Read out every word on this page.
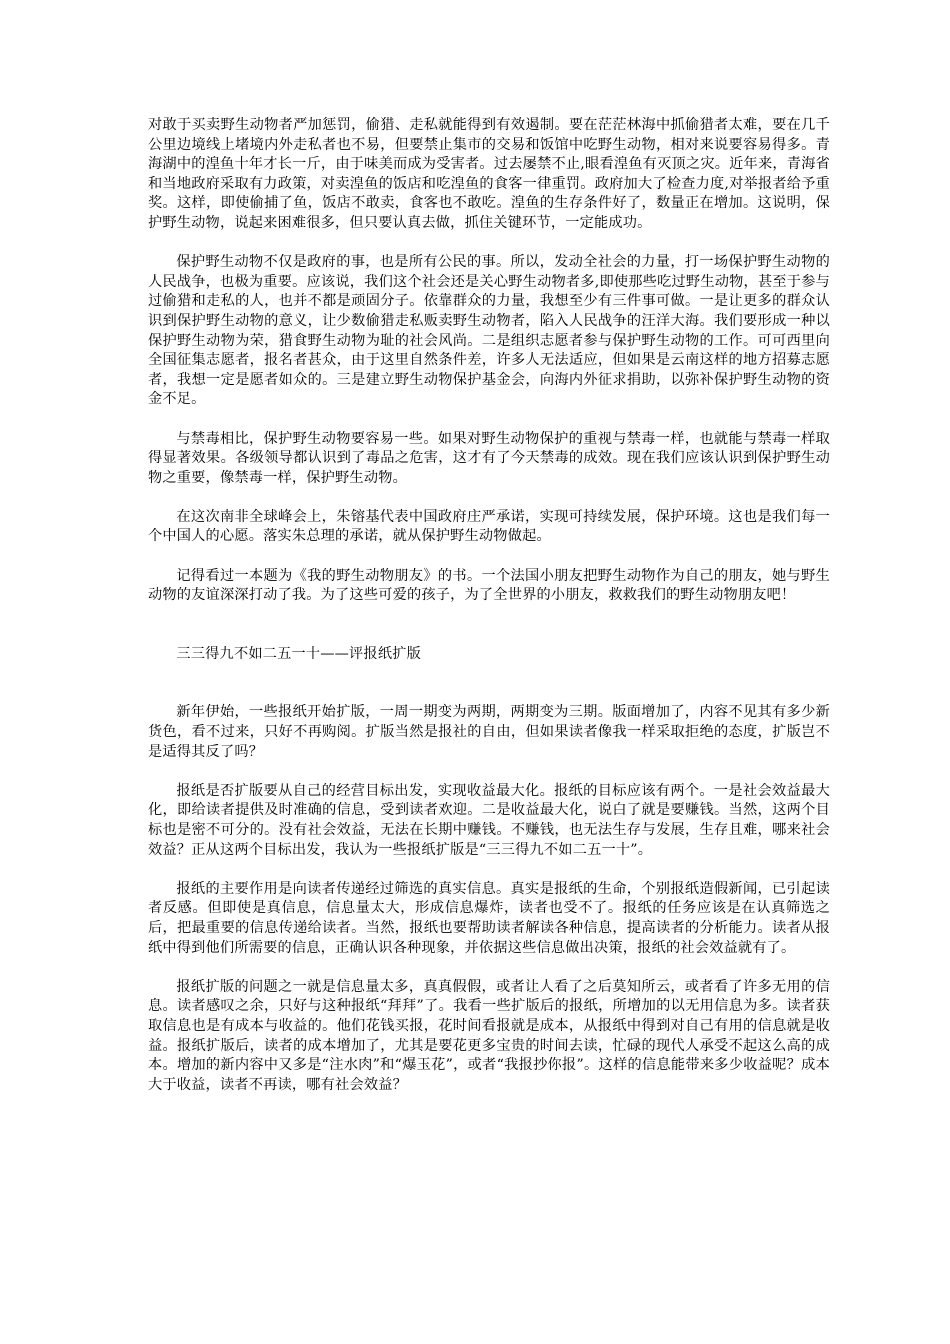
对敢于买卖野生动物者严加惩罚，偷猎、走私就能得到有效遏制。要在茫茫林海中抓偷猎者太难，要在几千公里边境线上堵境内外走私者也不易，但要禁止集市的交易和饭馆中吃野生动物，相对来说要容易得多。青海湖中的湟鱼十年才长一斤，由于味美而成为受害者。过去屡禁不止,眼看湟鱼有灭顶之灾。近年来，青海省和当地政府采取有力政策，对卖湟鱼的饭店和吃湟鱼的食客一律重罚。政府加大了检查力度,对举报者给予重奖。这样，即使偷捕了鱼，饭店不敢卖，食客也不敢吃。湟鱼的生存条件好了，数量正在增加。这说明，保护野生动物，说起来困难很多，但只要认真去做，抓住关键环节，一定能成功。

保护野生动物不仅是政府的事，也是所有公民的事。所以，发动全社会的力量，打一场保护野生动物的人民战争，也极为重要。应该说，我们这个社会还是关心野生动物者多,即使那些吃过野生动物，甚至于参与过偷猎和走私的人，也并不都是顽固分子。依靠群众的力量，我想至少有三件事可做。一是让更多的群众认识到保护野生动物的意义，让少数偷猎走私贩卖野生动物者，陷入人民战争的汪洋大海。我们要形成一种以保护野生动物为荣，猎食野生动物为耻的社会风尚。二是组织志愿者参与保护野生动物的工作。可可西里向全国征集志愿者，报名者甚众，由于这里自然条件差，许多人无法适应，但如果是云南这样的地方招募志愿者，我想一定是愿者如众的。三是建立野生动物保护基金会，向海内外征求捐助，以弥补保护野生动物的资金不足。

与禁毒相比，保护野生动物要容易一些。如果对野生动物保护的重视与禁毒一样，也就能与禁毒一样取得显著效果。各级领导都认识到了毒品之危害，这才有了今天禁毒的成效。现在我们应该认识到保护野生动物之重要，像禁毒一样，保护野生动物。

在这次南非全球峰会上，朱镕基代表中国政府庄严承诺，实现可持续发展，保护环境。这也是我们每一个中国人的心愿。落实朱总理的承诺，就从保护野生动物做起。

记得看过一本题为《我的野生动物朋友》的书。一个法国小朋友把野生动物作为自己的朋友，她与野生动物的友谊深深打动了我。为了这些可爱的孩子，为了全世界的小朋友，救救我们的野生动物朋友吧！

三三得九不如二五一十——评报纸扩版

新年伊始，一些报纸开始扩版，一周一期变为两期，两期变为三期。版面增加了，内容不见其有多少新货色，看不过来，只好不再购阅。扩版当然是报社的自由，但如果读者像我一样采取拒绝的态度，扩版岂不是适得其反了吗？

报纸是否扩版要从自己的经营目标出发，实现收益最大化。报纸的目标应该有两个。一是社会效益最大化，即给读者提供及时准确的信息，受到读者欢迎。二是收益最大化，说白了就是要赚钱。当然，这两个目标也是密不可分的。没有社会效益，无法在长期中赚钱。不赚钱，也无法生存与发展，生存且难，哪来社会效益？正从这两个目标出发，我认为一些报纸扩版是“三三得九不如二五一十”。

报纸的主要作用是向读者传递经过筛选的真实信息。真实是报纸的生命，个别报纸造假新闻，已引起读者反感。但即使是真信息，信息量太大，形成信息爆炸，读者也受不了。报纸的任务应该是在认真筛选之后，把最重要的信息传递给读者。当然，报纸也要帮助读者解读各种信息，提高读者的分析能力。读者从报纸中得到他们所需要的信息，正确认识各种现象，并依据这些信息做出决策，报纸的社会效益就有了。

报纸扩版的问题之一就是信息量太多，真真假假，或者让人看了之后莫知所云，或者看了许多无用的信息。读者感叹之余，只好与这种报纸“拜拜”了。我看一些扩版后的报纸，所增加的以无用信息为多。读者获取信息也是有成本与收益的。他们花钱买报，花时间看报就是成本，从报纸中得到对自己有用的信息就是收益。报纸扩版后，读者的成本增加了，尤其是要花更多宝贵的时间去读，忙碌的现代人承受不起这么高的成本。增加的新内容中又多是“注水肉”和“爆玉花”，或者“我报抄你报”。这样的信息能带来多少收益呢？成本大于收益，读者不再读，哪有社会效益？
